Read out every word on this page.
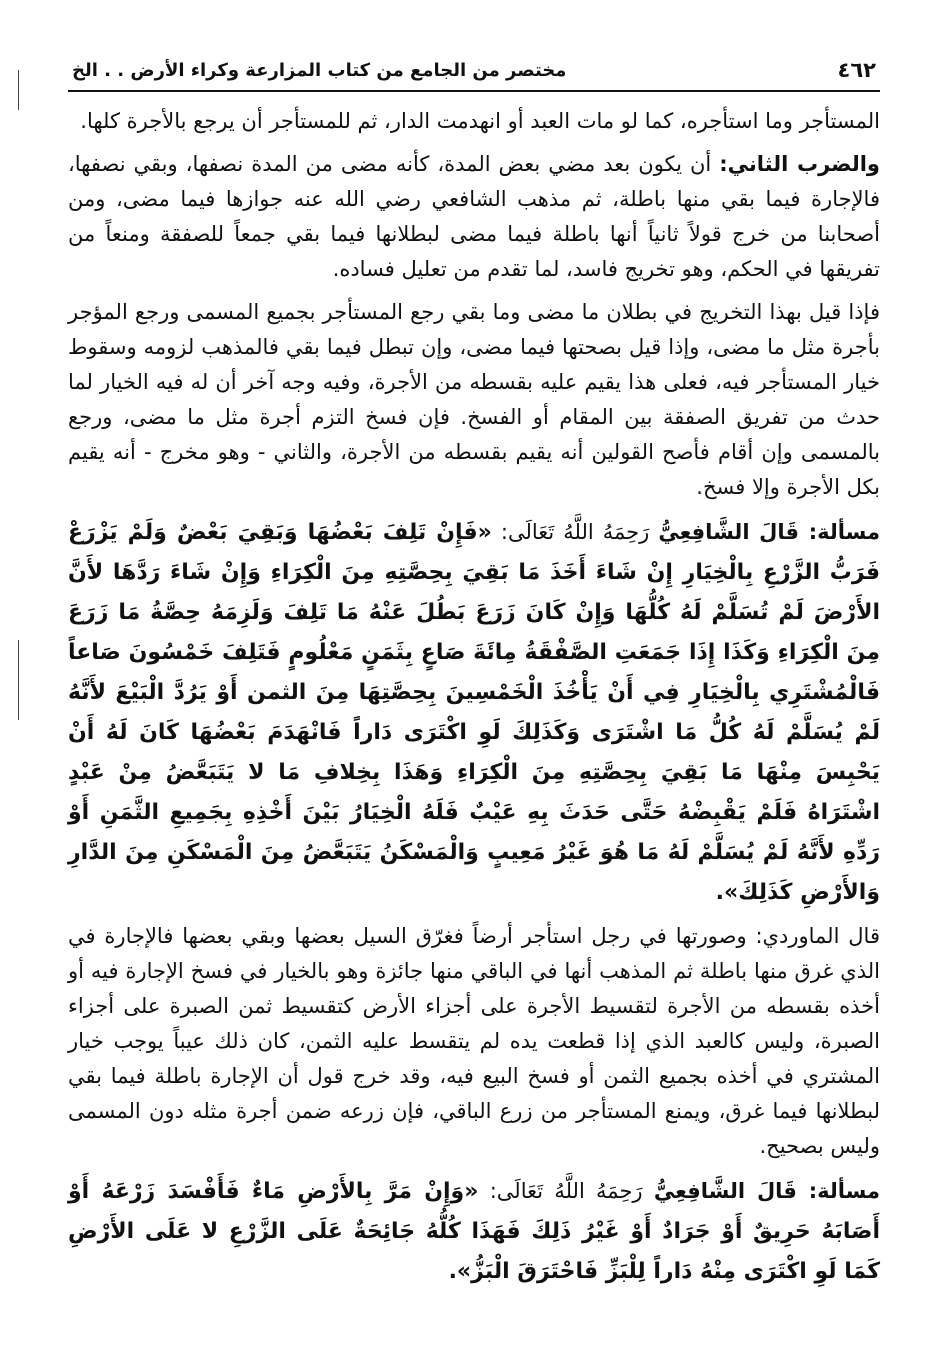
٤٦٢
مختصر من الجامع من كتاب المزارعة وكراء الأرض . . الخ

المستأجر وما استأجره، كما لو مات العبد أو انهدمت الدار، ثم للمستأجر أن يرجع بالأجرة كلها.

والضرب الثاني: أن يكون بعد مضي بعض المدة، كأنه مضى من المدة نصفها، وبقي نصفها، فالإجارة فيما بقي منها باطلة، ثم مذهب الشافعي رضي الله عنه جوازها فيما مضى، ومن أصحابنا من خرج قولاً ثانياً أنها باطلة فيما مضى لبطلانها فيما بقي جمعاً للصفقة ومنعاً من تفريقها في الحكم، وهو تخريج فاسد، لما تقدم من تعليل فساده.

فإذا قيل بهذا التخريج في بطلان ما مضى وما بقي رجع المستأجر بجميع المسمى ورجع المؤجر بأجرة مثل ما مضى، وإذا قيل بصحتها فيما مضى، وإن تبطل فيما بقي فالمذهب لزومه وسقوط خيار المستأجر فيه، فعلى هذا يقيم عليه بقسطه من الأجرة، وفيه وجه آخر أن له فيه الخيار لما حدث من تفريق الصفقة بين المقام أو الفسخ. فإن فسخ التزم أجرة مثل ما مضى، ورجع بالمسمى وإن أقام فأصح القولين أنه يقيم بقسطه من الأجرة، والثاني - وهو مخرج - أنه يقيم بكل الأجرة وإلا فسخ.

مسألة: قَالَ الشَّافِعِيُّ رَحِمَهُ اللَّهُ تَعَالَى: «فَإِنْ تَلِفَ بَعْضُهَا وَبَقِيَ بَعْضٌ وَلَمْ يَزْرَعْ فَرَبُّ الزَّرْعِ بِالْخِيَارِ إِنْ شَاءَ أَخَذَ مَا بَقِيَ بِحِصَّتِهِ مِنَ الْكِرَاءِ وَإِنْ شَاءَ رَدَّهَا لأَنَّ الأَرْضَ لَمْ تُسَلَّمْ لَهُ كُلُّهَا وَإِنْ كَانَ زَرَعَ بَطُلَ عَنْهُ مَا تَلِفَ وَلَزِمَهُ حِصَّةُ مَا زَرَعَ مِنَ الْكِرَاءِ وَكَذَا إِذَا جَمَعَتِ الصَّفْقَةُ مِائَةَ صَاعٍ بِثَمَنٍ مَعْلُومٍ فَتَلِفَ خَمْسُونَ صَاعاً فَالْمُشْتَرِي بِالْخِيَارِ فِي أَنْ يَأْخُذَ الْخَمْسِينَ بِحِصَّتِهَا مِنَ الثمن أَوْ يَرُدَّ الْبَيْعَ لأَنَّهُ لَمْ يُسَلَّمْ لَهُ كُلُّ مَا اشْتَرَى وَكَذَلِكَ لَوِ اكْتَرَى دَاراً فَانْهَدَمَ بَعْضُهَا كَانَ لَهُ أَنْ يَحْبِسَ مِنْهَا مَا بَقِيَ بِحِصَّتِهِ مِنَ الْكِرَاءِ وَهَذَا بِخِلافِ مَا لا يَتَبَعَّضُ مِنْ عَبْدٍ اشْتَرَاهُ فَلَمْ يَقْبِضْهُ حَتَّى حَدَثَ بِهِ عَيْبٌ فَلَهُ الْخِيَارُ بَيْنَ أَخْذِهِ بِجَمِيعِ الثَّمَنِ أَوْ رَدِّهِ لأَنَّهُ لَمْ يُسَلَّمْ لَهُ مَا هُوَ غَيْرُ مَعِيبٍ وَالْمَسْكَنُ يَتَبَعَّضُ مِنَ الْمَسْكَنِ مِنَ الدَّارِ وَالأَرْضِ كَذَلِكَ».

قال الماوردي: وصورتها في رجل استأجر أرضاً فغرّق السيل بعضها وبقي بعضها فالإجارة في الذي غرق منها باطلة ثم المذهب أنها في الباقي منها جائزة وهو بالخيار في فسخ الإجارة فيه أو أخذه بقسطه من الأجرة لتقسيط الأجرة على أجزاء الأرض كتقسيط ثمن الصبرة على أجزاء الصبرة، وليس كالعبد الذي إذا قطعت يده لم يتقسط عليه الثمن، كان ذلك عيباً يوجب خيار المشتري في أخذه بجميع الثمن أو فسخ البيع فيه، وقد خرج قول أن الإجارة باطلة فيما بقي لبطلانها فيما غرق، ويمنع المستأجر من زرع الباقي، فإن زرعه ضمن أجرة مثله دون المسمى وليس بصحيح.

مسألة: قَالَ الشَّافِعِيُّ رَحِمَهُ اللَّهُ تَعَالَى: «وَإِنْ مَرَّ بِالأَرْضِ مَاءٌ فَأَفْسَدَ زَرْعَهُ أَوْ أَصَابَهُ حَرِيقٌ أَوْ جَرَادٌ أَوْ غَيْرُ ذَلِكَ فَهَذَا كُلُّهُ جَائِحَةٌ عَلَى الزَّرْعِ لا عَلَى الأَرْضِ كَمَا لَوِ اكْتَرَى مِنْهُ دَاراً لِلْبَزِّ فَاحْتَرَقَ الْبَزُّ».
